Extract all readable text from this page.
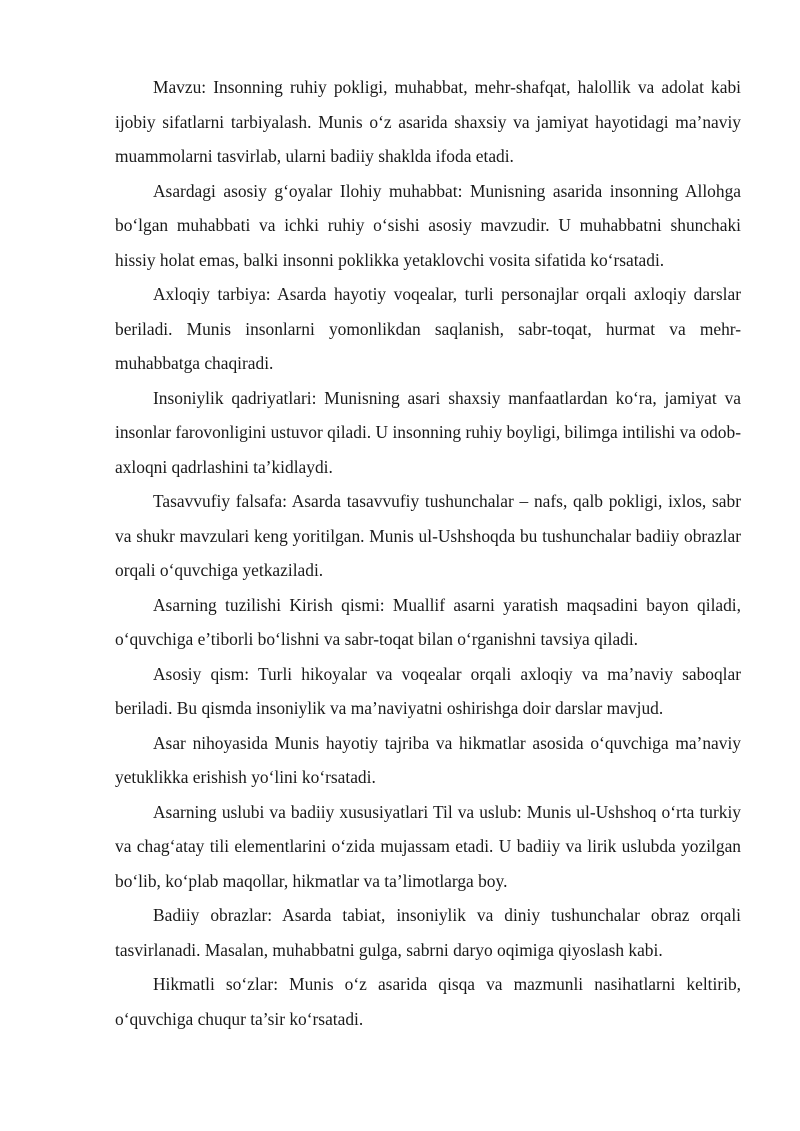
Mavzu: Insonning ruhiy pokligi, muhabbat, mehr-shafqat, halollik va adolat kabi ijobiy sifatlarni tarbiyalash. Munis o‘z asarida shaxsiy va jamiyat hayotidagi ma’naviy muammolarni tasvirlab, ularni badiiy shaklda ifoda etadi.

Asardagi asosiy g‘oyalar Ilohiy muhabbat: Munisning asarida insonning Allohga bo‘lgan muhabbati va ichki ruhiy o‘sishi asosiy mavzudir. U muhabbatni shunchaki hissiy holat emas, balki insonni poklikka yetaklovchi vosita sifatida ko‘rsatadi.

Axloqiy tarbiya: Asarda hayotiy voqealar, turli personajlar orqali axloqiy darslar beriladi. Munis insonlarni yomonlikdan saqlanish, sabr-toqat, hurmat va mehr-muhabbatga chaqiradi.

Insoniylik qadriyatlari: Munisning asari shaxsiy manfaatlardan ko‘ra, jamiyat va insonlar farovonligini ustuvor qiladi. U insonning ruhiy boyligi, bilimga intilishi va odob-axloqni qadrlashini ta’kidlaydi.

Tasavvufiy falsafa: Asarda tasavvufiy tushunchalar – nafs, qalb pokligi, ixlos, sabr va shukr mavzulari keng yoritilgan. Munis ul-Ushshoqda bu tushunchalar badiiy obrazlar orqali o‘quvchiga yetkaziladi.

Asarning tuzilishi Kirish qismi: Muallif asarni yaratish maqsadini bayon qiladi, o‘quvchiga e’tiborli bo‘lishni va sabr-toqat bilan o‘rganishni tavsiya qiladi.

Asosiy qism: Turli hikoyalar va voqealar orqali axloqiy va ma’naviy saboqlar beriladi. Bu qismda insoniylik va ma’naviyatni oshirishga doir darslar mavjud.

Asar nihoyasida Munis hayotiy tajriba va hikmatlar asosida o‘quvchiga ma’naviy yetuklikka erishish yo‘lini ko‘rsatadi.

Asarning uslubi va badiiy xususiyatlari Til va uslub: Munis ul-Ushshoq o‘rta turkiy va chag‘atay tili elementlarini o‘zida mujassam etadi. U badiiy va lirik uslubda yozilgan bo‘lib, ko‘plab maqollar, hikmatlar va ta’limotlarga boy.

Badiiy obrazlar: Asarda tabiat, insoniylik va diniy tushunchalar obraz orqali tasvirlanadi. Masalan, muhabbatni gulga, sabrni daryo oqimiga qiyoslash kabi.

Hikmatli so‘zlar: Munis o‘z asarida qisqa va mazmunli nasihatlarni keltirib, o‘quvchiga chuqur ta’sir ko‘rsatadi.
